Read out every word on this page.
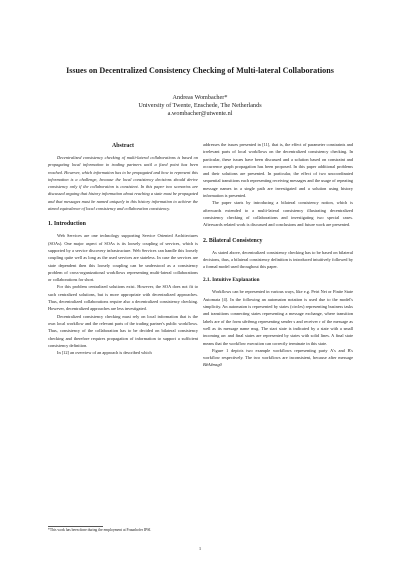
Issues on Decentralized Consistency Checking of Multi-lateral Collaborations
Andreas Wombacher*
University of Twente, Enschede, The Netherlands
a.wombacher@utwente.nl
Abstract

Decentralized consistency checking of multi-lateral collaborations is based on propagating local information to trading partners until a fixed point has been reached. However, which information has to be propagated and how to represent this information is a challenge, because the local consistency decisions should derive consistency only if the collaboration is consistent. In this paper two scenarios are discussed arguing that history information about reaching a state must be propagated and that messages must be named uniquely in this history information to achieve the aimed equivalence of local consistency and collaboration consistency.

1. Introduction

Web Services are one technology supporting Service Oriented Architectures (SOAs). One major aspect of SOAs is its loosely coupling of services, which is supported by a service discovery infrastructure. Web Services can handle this loosely coupling quite well as long as the used services are stateless. In case the services are state dependent then this loosely coupling can be understood as a consistency problem of cross-organizational workflows representing multi-lateral collaborations or collaborations for short.

For this problem centralized solutions exist. However, the SOA does not fit to such centralized solutions, but is more appropriate with decentralized approaches. Thus, decentralized collaborations require also a decentralized consistency checking. However, decentralized approaches are less investigated.

Decentralized consistency checking must rely on local information that is the own local workflow and the relevant parts of the trading partner's public workflows. Thus, consistency of the collaboration has to be decided on bilateral consistency checking and therefore requires propagation of information to support a sufficient consistency definition.

In [12] an overview of an approach is described which

addresses the issues presented in [11], that is, the effect of parameter constraints and irrelevant parts of local workflows on the decentralized consistency checking. In particular, these issues have been discussed and a solution based on constraint and occurrence graph propagation has been proposed. In this paper additional problems and their solutions are presented. In particular, the effect of two uncoordinated sequential transitions each representing receiving messages and the usage of repeating message names in a single path are investigated and a solution using history information is presented.

The paper starts by introducing a bilateral consistency notion, which is afterwards extended to a multi-lateral consistency illustrating decentralized consistency checking of collaborations and investigating two special cases. Afterwards related work is discussed and conclusions and future work are presented.

2. Bilateral Consistency

As stated above, decentralized consistency checking has to be based on bilateral decisions, thus, a bilateral consistency definition is introduced intuitively followed by a formal model used throughout this paper.

2.1. Intuitive Explanation

Workflows can be represented in various ways, like e.g. Petri Net or Finite State Automata [4]. In the following an automaton notation is used due to the model's simplicity. An automaton is represented by states (circles) representing business tasks and transitions connecting states representing a message exchange, where transition labels are of the form s#r#msg representing sender s and receiver r of the message as well as its message name msg. The start state is indicated by a state with a small incoming arc and final states are represented by states with solid lines. A final state means that the workflow execution can correctly terminate in this state.

Figure 1 depicts two example workflows representing party A's and B's workflow respectively. The two workflows are inconsistent, because after message B#A#msg0

*This work has been done during the employment at Fraunhofer IPSI.
1
